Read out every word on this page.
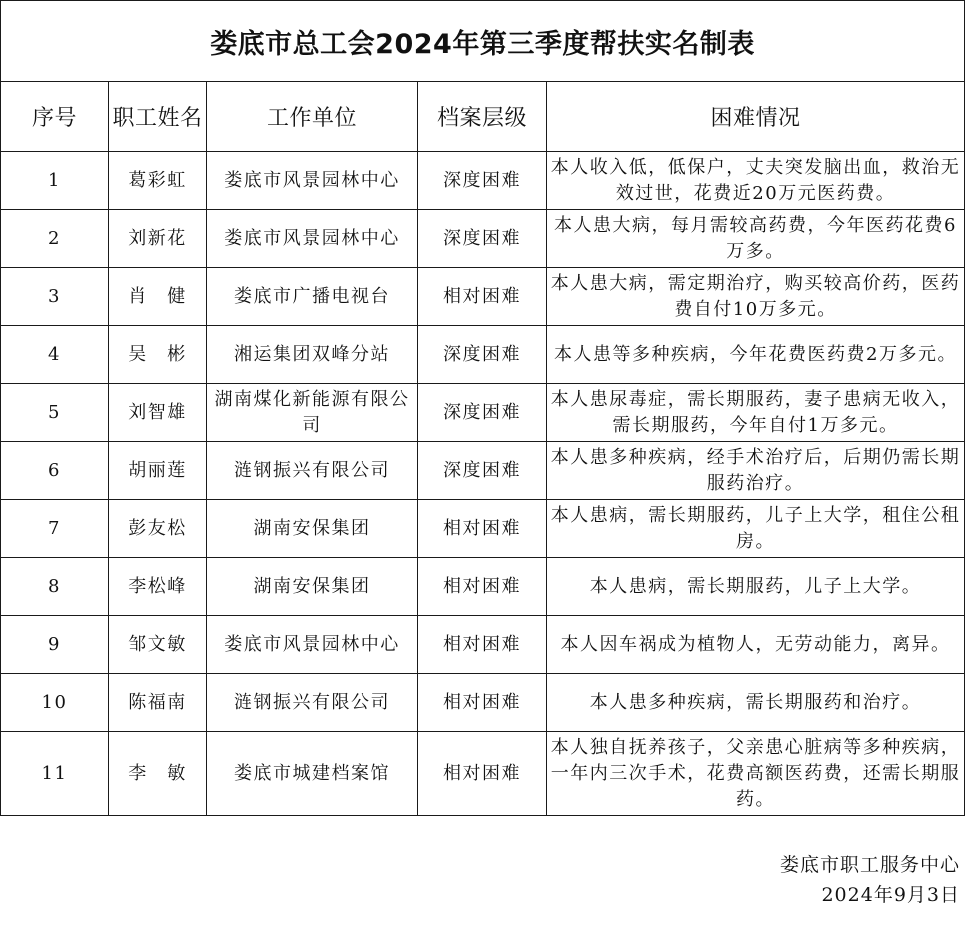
娄底市总工会2024年第三季度帮扶实名制表				
序号	职工姓名	工作单位	档案层级	困难情况
1	葛彩虹	娄底市风景园林中心	深度困难	本人收入低，低保户，丈夫突发脑出血，救治无效过世，花费近20万元医药费。
2	刘新花	娄底市风景园林中心	深度困难	本人患大病，每月需较高药费，今年医药花费6万多。
3	肖　健	娄底市广播电视台	相对困难	本人患大病，需定期治疗，购买较高价药，医药费自付10万多元。
4	吴　彬	湘运集团双峰分站	深度困难	本人患等多种疾病，今年花费医药费2万多元。
5	刘智雄	湖南煤化新能源有限公司	深度困难	本人患尿毒症，需长期服药，妻子患病无收入，需长期服药，今年自付1万多元。
6	胡丽莲	涟钢振兴有限公司	深度困难	本人患多种疾病，经手术治疗后，后期仍需长期服药治疗。
7	彭友松	湖南安保集团	相对困难	本人患病，需长期服药，儿子上大学，租住公租房。
8	李松峰	湖南安保集团	相对困难	本人患病，需长期服药，儿子上大学。
9	邹文敏	娄底市风景园林中心	相对困难	本人因车祸成为植物人，无劳动能力，离异。
10	陈福南	涟钢振兴有限公司	相对困难	本人患多种疾病，需长期服药和治疗。
11	李　敏	娄底市城建档案馆	相对困难	本人独自抚养孩子，父亲患心脏病等多种疾病，一年内三次手术，花费高额医药费，还需长期服药。
娄底市职工服务中心
2024年9月3日
